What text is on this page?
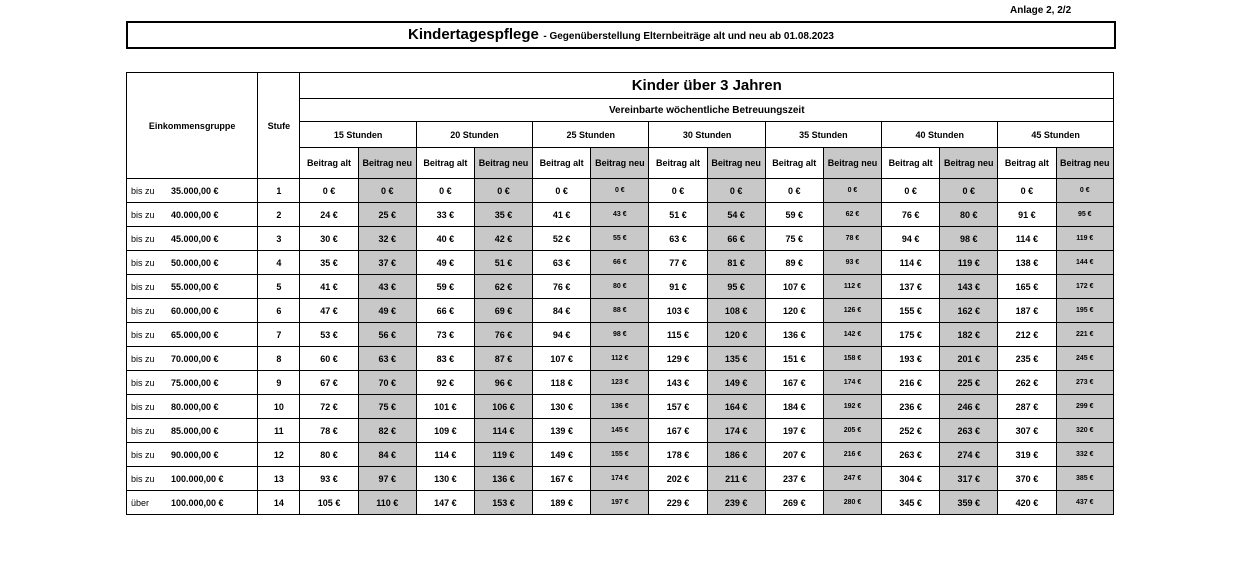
Anlage 2, 2/2
Kindertagespflege - Gegenüberstellung Elternbeiträge alt und neu ab 01.08.2023
Einkommensgruppe	Stufe	Kinder über 3 Jahren													
		Vereinbarte wöchentliche Betreuungszeit													
		15 Stunden		20 Stunden		25 Stunden		30 Stunden		35 Stunden		40 Stunden		45 Stunden	
		Beitrag alt	Beitrag neu	Beitrag alt	Beitrag neu	Beitrag alt	Beitrag neu	Beitrag alt	Beitrag neu	Beitrag alt	Beitrag neu	Beitrag alt	Beitrag neu	Beitrag alt	Beitrag neu
bis zu 35.000,00 €	1	0 €	0 €	0 €	0 €	0 €	0 €	0 €	0 €	0 €	0 €	0 €	0 €	0 €	0 €
bis zu 40.000,00 €	2	24 €	25 €	33 €	35 €	41 €	43 €	51 €	54 €	59 €	62 €	76 €	80 €	91 €	95 €
bis zu 45.000,00 €	3	30 €	32 €	40 €	42 €	52 €	55 €	63 €	66 €	75 €	78 €	94 €	98 €	114 €	119 €
bis zu 50.000,00 €	4	35 €	37 €	49 €	51 €	63 €	66 €	77 €	81 €	89 €	93 €	114 €	119 €	138 €	144 €
bis zu 55.000,00 €	5	41 €	43 €	59 €	62 €	76 €	80 €	91 €	95 €	107 €	112 €	137 €	143 €	165 €	172 €
bis zu 60.000,00 €	6	47 €	49 €	66 €	69 €	84 €	88 €	103 €	108 €	120 €	126 €	155 €	162 €	187 €	195 €
bis zu 65.000,00 €	7	53 €	56 €	73 €	76 €	94 €	98 €	115 €	120 €	136 €	142 €	175 €	182 €	212 €	221 €
bis zu 70.000,00 €	8	60 €	63 €	83 €	87 €	107 €	112 €	129 €	135 €	151 €	158 €	193 €	201 €	235 €	245 €
bis zu 75.000,00 €	9	67 €	70 €	92 €	96 €	118 €	123 €	143 €	149 €	167 €	174 €	216 €	225 €	262 €	273 €
bis zu 80.000,00 €	10	72 €	75 €	101 €	106 €	130 €	136 €	157 €	164 €	184 €	192 €	236 €	246 €	287 €	299 €
bis zu 85.000,00 €	11	78 €	82 €	109 €	114 €	139 €	145 €	167 €	174 €	197 €	205 €	252 €	263 €	307 €	320 €
bis zu 90.000,00 €	12	80 €	84 €	114 €	119 €	149 €	155 €	178 €	186 €	207 €	216 €	263 €	274 €	319 €	332 €
bis zu 100.000,00 €	13	93 €	97 €	130 €	136 €	167 €	174 €	202 €	211 €	237 €	247 €	304 €	317 €	370 €	385 €
über 100.000,00 €	14	105 €	110 €	147 €	153 €	189 €	197 €	229 €	239 €	269 €	280 €	345 €	359 €	420 €	437 €
